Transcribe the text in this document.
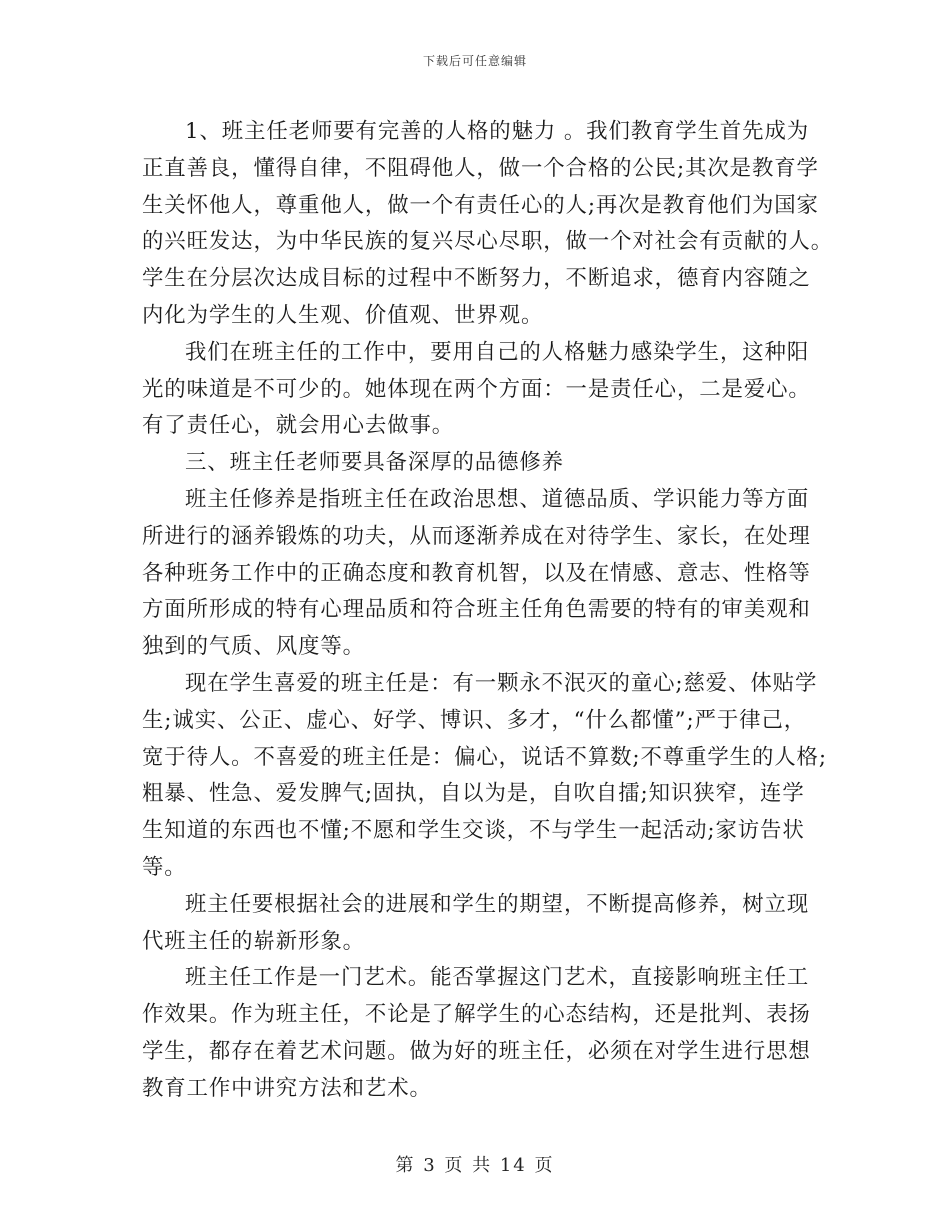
下载后可任意编辑

1、班主任老师要有完善的人格的魅力 。我们教育学生首先成为
正直善良，懂得自律，不阻碍他人，做一个合格的公民;其次是教育学
生关怀他人，尊重他人，做一个有责任心的人;再次是教育他们为国家
的兴旺发达，为中华民族的复兴尽心尽职，做一个对社会有贡献的人。
学生在分层次达成目标的过程中不断努力，不断追求，德育内容随之
内化为学生的人生观、价值观、世界观。

我们在班主任的工作中，要用自己的人格魅力感染学生，这种阳
光的味道是不可少的。她体现在两个方面：一是责任心，二是爱心。
有了责任心，就会用心去做事。

三、班主任老师要具备深厚的品德修养

班主任修养是指班主任在政治思想、道德品质、学识能力等方面
所进行的涵养锻炼的功夫，从而逐渐养成在对待学生、家长，在处理
各种班务工作中的正确态度和教育机智，以及在情感、意志、性格等
方面所形成的特有心理品质和符合班主任角色需要的特有的审美观和
独到的气质、风度等。

现在学生喜爱的班主任是：有一颗永不泯灭的童心;慈爱、体贴学
生;诚实、公正、虚心、好学、博识、多才，“什么都懂”;严于律己，
宽于待人。不喜爱的班主任是：偏心，说话不算数;不尊重学生的人格;
粗暴、性急、爱发脾气;固执，自以为是，自吹自擂;知识狭窄，连学
生知道的东西也不懂;不愿和学生交谈，不与学生一起活动;家访告状
等。

班主任要根据社会的进展和学生的期望，不断提高修养，树立现
代班主任的崭新形象。

班主任工作是一门艺术。能否掌握这门艺术，直接影响班主任工
作效果。作为班主任，不论是了解学生的心态结构，还是批判、表扬
学生，都存在着艺术问题。做为好的班主任，必须在对学生进行思想
教育工作中讲究方法和艺术。

第 3 页 共 14 页
